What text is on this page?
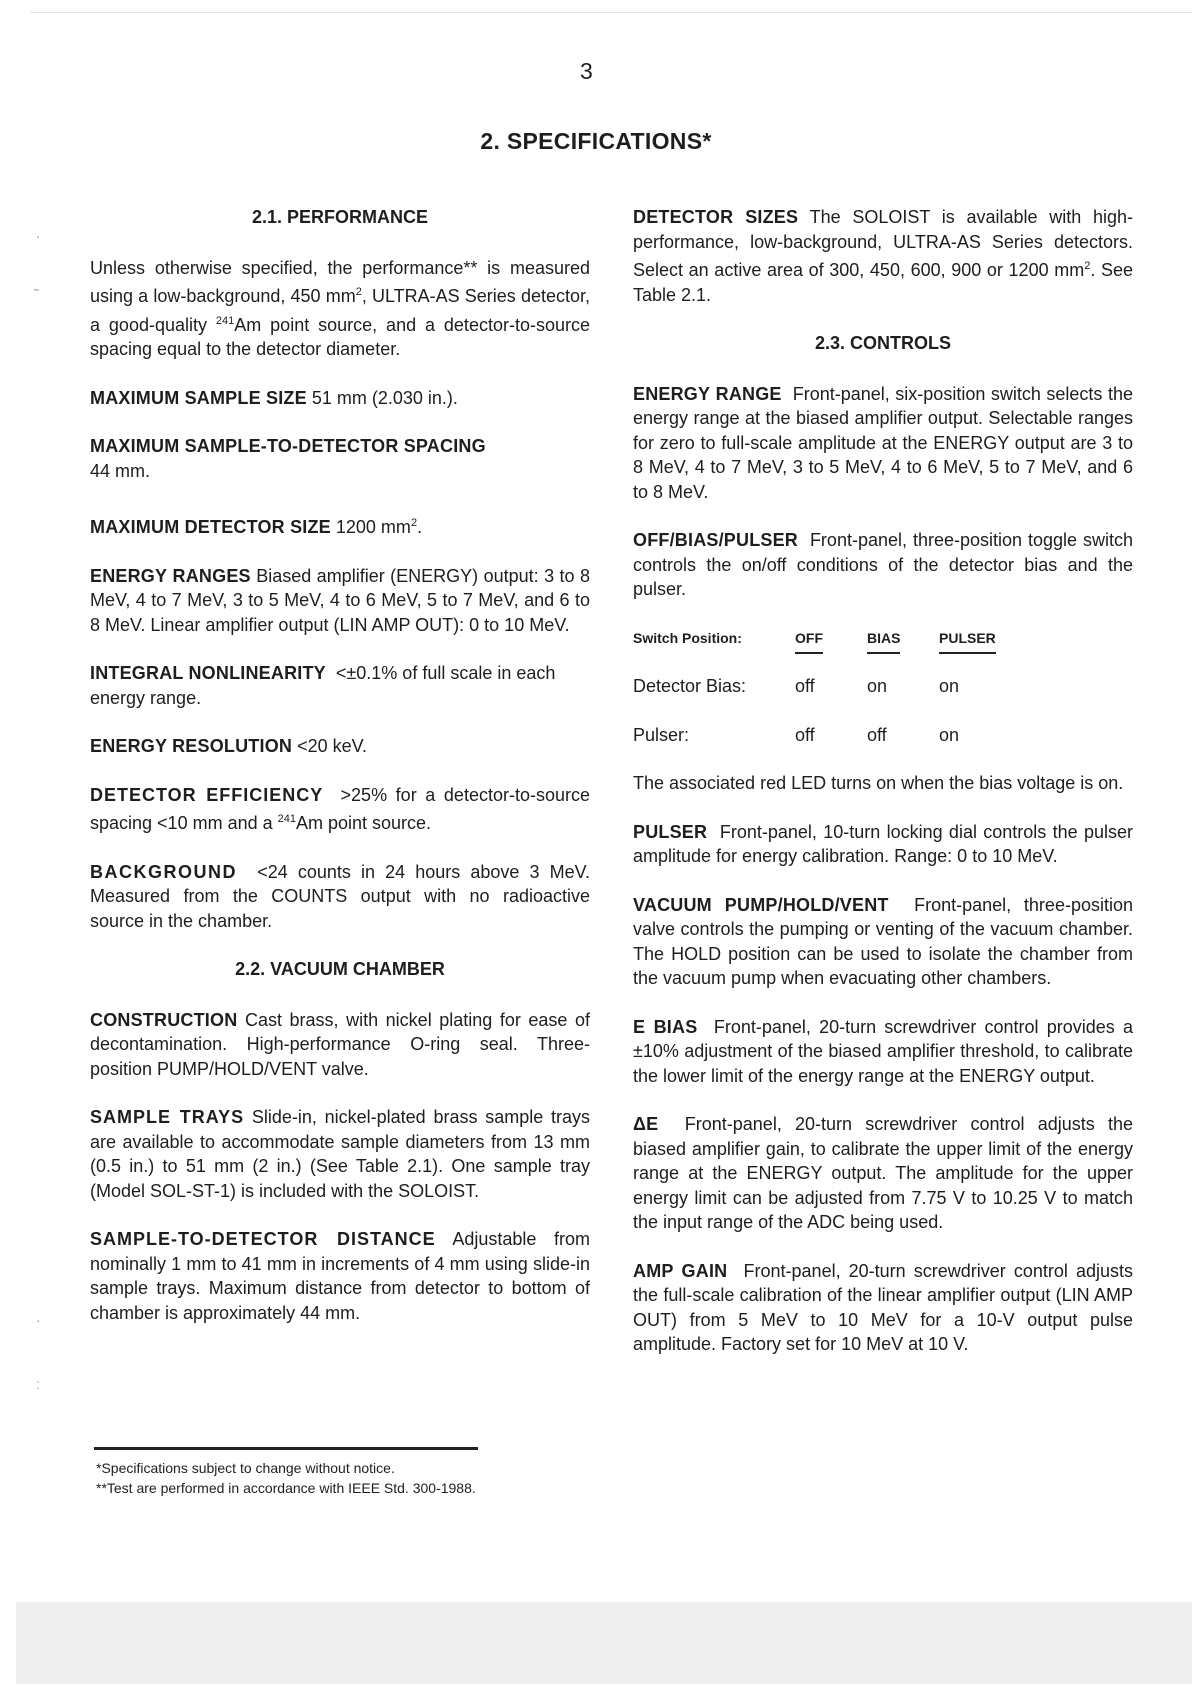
·
˜
·
:
3
2. SPECIFICATIONS*
2.1. PERFORMANCE

Unless otherwise specified, the performance** is measured using a low-background, 450 $mm^2$, ULTRA-AS Series detector, a good-quality $^{241}$Am point source, and a detector-to-source spacing equal to the detector diameter.

MAXIMUM SAMPLE SIZE 51 mm (2.030 in.).

MAXIMUM SAMPLE-TO-DETECTOR SPACING
44 mm.

MAXIMUM DETECTOR SIZE 1200 $mm^2$.

ENERGY RANGES Biased amplifier (ENERGY) output: 3 to 8 MeV, 4 to 7 MeV, 3 to 5 MeV, 4 to 6 MeV, 5 to 7 MeV, and 6 to 8 MeV. Linear amplifier output (LIN AMP OUT): 0 to 10 MeV.

INTEGRAL NONLINEARITY <±0.1% of full scale in each energy range.

ENERGY RESOLUTION <20 keV.

DETECTOR EFFICIENCY >25% for a detector-to-source spacing <10 mm and a $^{241}$Am point source.

BACKGROUND <24 counts in 24 hours above 3 MeV. Measured from the COUNTS output with no radioactive source in the chamber.

2.2. VACUUM CHAMBER

CONSTRUCTION Cast brass, with nickel plating for ease of decontamination. High-performance O-ring seal. Three-position PUMP/HOLD/VENT valve.

SAMPLE TRAYS Slide-in, nickel-plated brass sample trays are available to accommodate sample diameters from 13 mm (0.5 in.) to 51 mm (2 in.) (See Table 2.1). One sample tray (Model SOL-ST-1) is included with the SOLOIST.

SAMPLE-TO-DETECTOR DISTANCE Adjustable from nominally 1 mm to 41 mm in increments of 4 mm using slide-in sample trays. Maximum distance from detector to bottom of chamber is approximately 44 mm.

DETECTOR SIZES The SOLOIST is available with high-performance, low-background, ULTRA-AS Series detectors. Select an active area of 300, 450, 600, 900 or 1200 $mm^2$. See Table 2.1.

2.3. CONTROLS

ENERGY RANGE Front-panel, six-position switch selects the energy range at the biased amplifier output. Selectable ranges for zero to full-scale amplitude at the ENERGY output are 3 to 8 MeV, 4 to 7 MeV, 3 to 5 MeV, 4 to 6 MeV, 5 to 7 MeV, and 6 to 8 MeV.

OFF/BIAS/PULSER Front-panel, three-position toggle switch controls the on/off conditions of the detector bias and the pulser.

Switch Position:	OFF	BIAS	PULSER
Detector Bias:	off	on	on
Pulser:	off	off	on

The associated red LED turns on when the bias voltage is on.

PULSER Front-panel, 10-turn locking dial controls the pulser amplitude for energy calibration. Range: 0 to 10 MeV.

VACUUM PUMP/HOLD/VENT Front-panel, three-position valve controls the pumping or venting of the vacuum chamber. The HOLD position can be used to isolate the chamber from the vacuum pump when evacuating other chambers.

E BIAS Front-panel, 20-turn screwdriver control provides a ±10% adjustment of the biased amplifier threshold, to calibrate the lower limit of the energy range at the ENERGY output.

ΔE Front-panel, 20-turn screwdriver control adjusts the biased amplifier gain, to calibrate the upper limit of the energy range at the ENERGY output. The amplitude for the upper energy limit can be adjusted from 7.75 V to 10.25 V to match the input range of the ADC being used.

AMP GAIN Front-panel, 20-turn screwdriver control adjusts the full-scale calibration of the linear amplifier output (LIN AMP OUT) from 5 MeV to 10 MeV for a 10-V output pulse amplitude. Factory set for 10 MeV at 10 V.

*Specifications subject to change without notice.
**Test are performed in accordance with IEEE Std. 300-1988.
